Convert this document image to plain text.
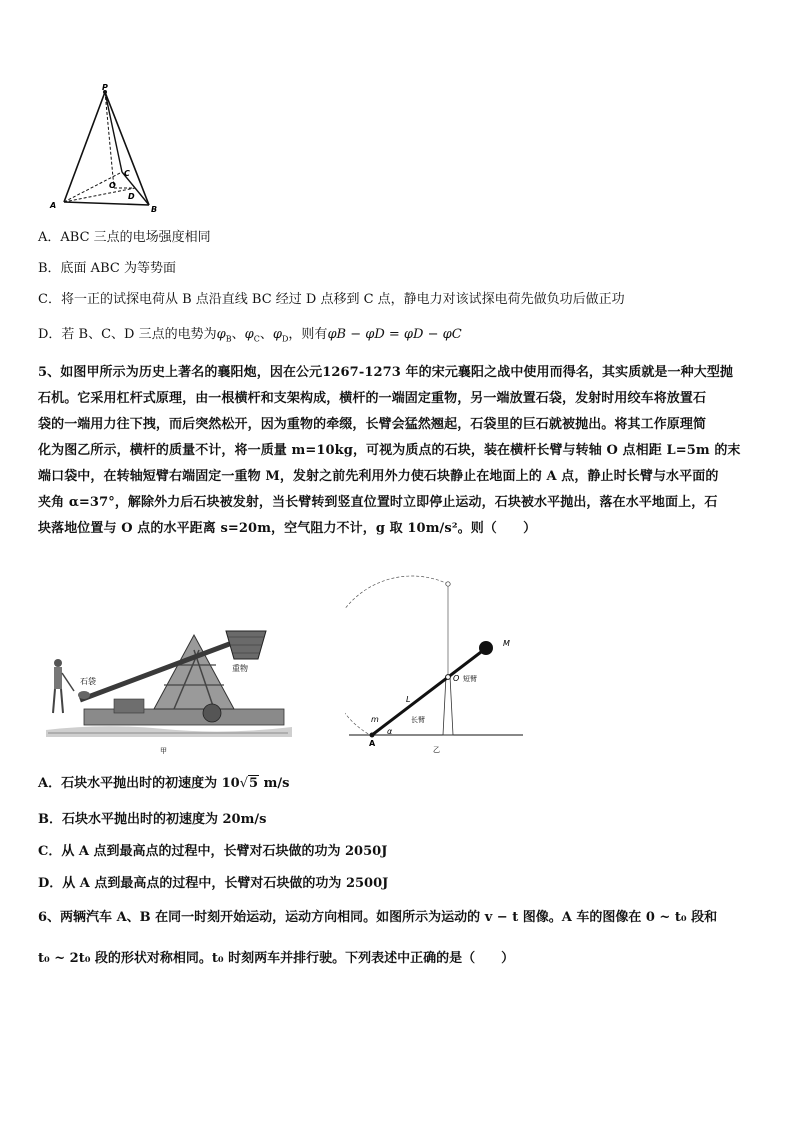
P
A	B
C
O
D
A．ABC 三点的电场强度相同
B．底面 ABC 为等势面
C．将一正的试探电荷从 B 点沿直线 BC 经过 D 点移到 C 点，静电力对该试探电荷先做负功后做正功
D．若 B、C、D 三点的电势为$\varphi_B$、$\varphi_C$、$\varphi_D$，则有φB − φD = φD − φC
5、如图甲所示为历史上著名的襄阳炮，因在公元1267-1273 年的宋元襄阳之战中使用而得名，其实质就是一种大型抛
石机。它采用杠杆式原理，由一根横杆和支架构成，横杆的一端固定重物，另一端放置石袋，发射时用绞车将放置石
袋的一端用力往下拽，而后突然松开，因为重物的牵缀，长臂会猛然翘起，石袋里的巨石就被抛出。将其工作原理简
化为图乙所示，横杆的质量不计，将一质量 m=10kg，可视为质点的石块，装在横杆长臂与转轴 O 点相距 L=5m 的末
端口袋中，在转轴短臂右端固定一重物 M，发射之前先利用外力使石块静止在地面上的 A 点，静止时长臂与水平面的
夹角 α=37°，解除外力后石块被发射，当长臂转到竖直位置时立即停止运动，石块被水平抛出，落在水平地面上，石
块落地位置与 O 点的水平距离 s=20m，空气阻力不计，g 取 10m/s²。则（　　）
石袋
重物
甲
M
O 短臂
L
长臂
m
α
A
乙
A．石块水平抛出时的初速度为 10√5 m/s
B．石块水平抛出时的初速度为 20m/s
C．从 A 点到最高点的过程中，长臂对石块做的功为 2050J
D．从 A 点到最高点的过程中，长臂对石块做的功为 2500J
6、两辆汽车 A、B 在同一时刻开始运动，运动方向相同。如图所示为运动的 v − t 图像。A 车的图像在 0 ~ t₀ 段和
t₀ ~ 2t₀ 段的形状对称相同。t₀ 时刻两车并排行驶。下列表述中正确的是（　　）
